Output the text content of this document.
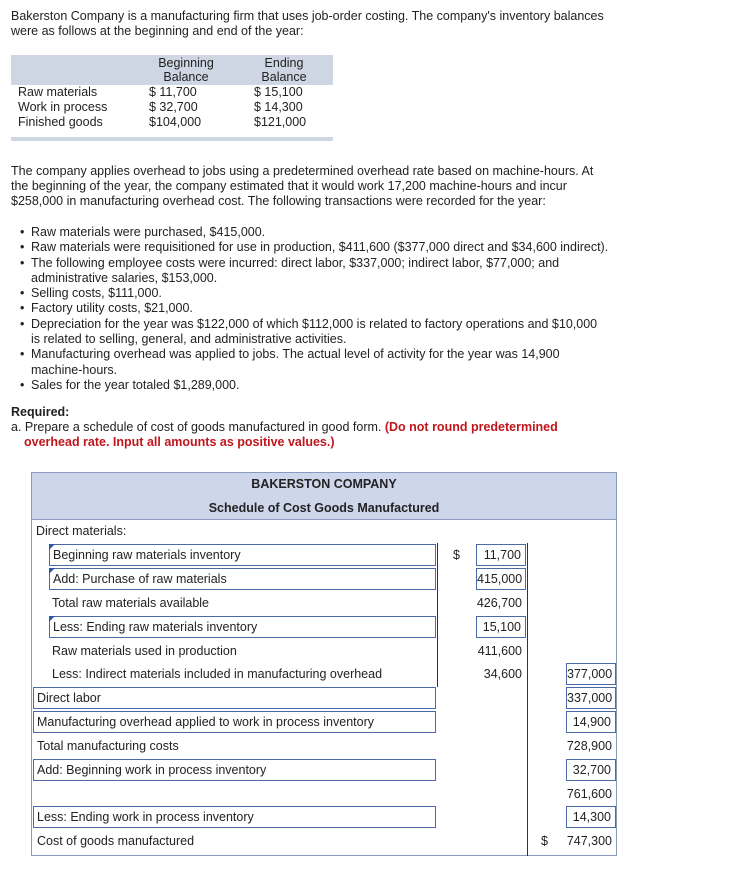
Bakerston Company is a manufacturing firm that uses job-order costing. The company's inventory balances

were as follows at the beginning and end of the year:

Beginning
Balance
Ending
Balance
Raw materials	$ 11,700	$ 15,100
Work in process	$ 32,700	$ 14,300
Finished goods	$104,000	$121,000

The company applies overhead to jobs using a predetermined overhead rate based on machine-hours. At

the beginning of the year, the company estimated that it would work 17,200 machine-hours and incur

$258,000 in manufacturing overhead cost. The following transactions were recorded for the year:

• Raw materials were purchased, $415,000.
• Raw materials were requisitioned for use in production, $411,600 ($377,000 direct and $34,600 indirect).
• The following employee costs were incurred: direct labor, $337,000; indirect labor, $77,000; and
administrative salaries, $153,000.
• Selling costs, $111,000.
• Factory utility costs, $21,000.
• Depreciation for the year was $122,000 of which $112,000 is related to factory operations and $10,000
is related to selling, general, and administrative activities.
• Manufacturing overhead was applied to jobs. The actual level of activity for the year was 14,900
machine-hours.
• Sales for the year totaled $1,289,000.

Required:

a. Prepare a schedule of cost of goods manufactured in good form. (Do not round predetermined

overhead rate. Input all amounts as positive values.)

BAKERSTON COMPANY
Schedule of Cost Goods Manufactured
Direct materials:
Beginning raw materials inventory	$	11,700
Add: Purchase of raw materials	415,000
Total raw materials available	426,700
Less: Ending raw materials inventory	15,100
Raw materials used in production	411,600
Less: Indirect materials included in manufacturing overhead	34,600	377,000
Direct labor	337,000
Manufacturing overhead applied to work in process inventory	14,900
Total manufacturing costs	728,900
Add: Beginning work in process inventory	32,700
761,600
Less: Ending work in process inventory	14,300
Cost of goods manufactured	$	747,300
